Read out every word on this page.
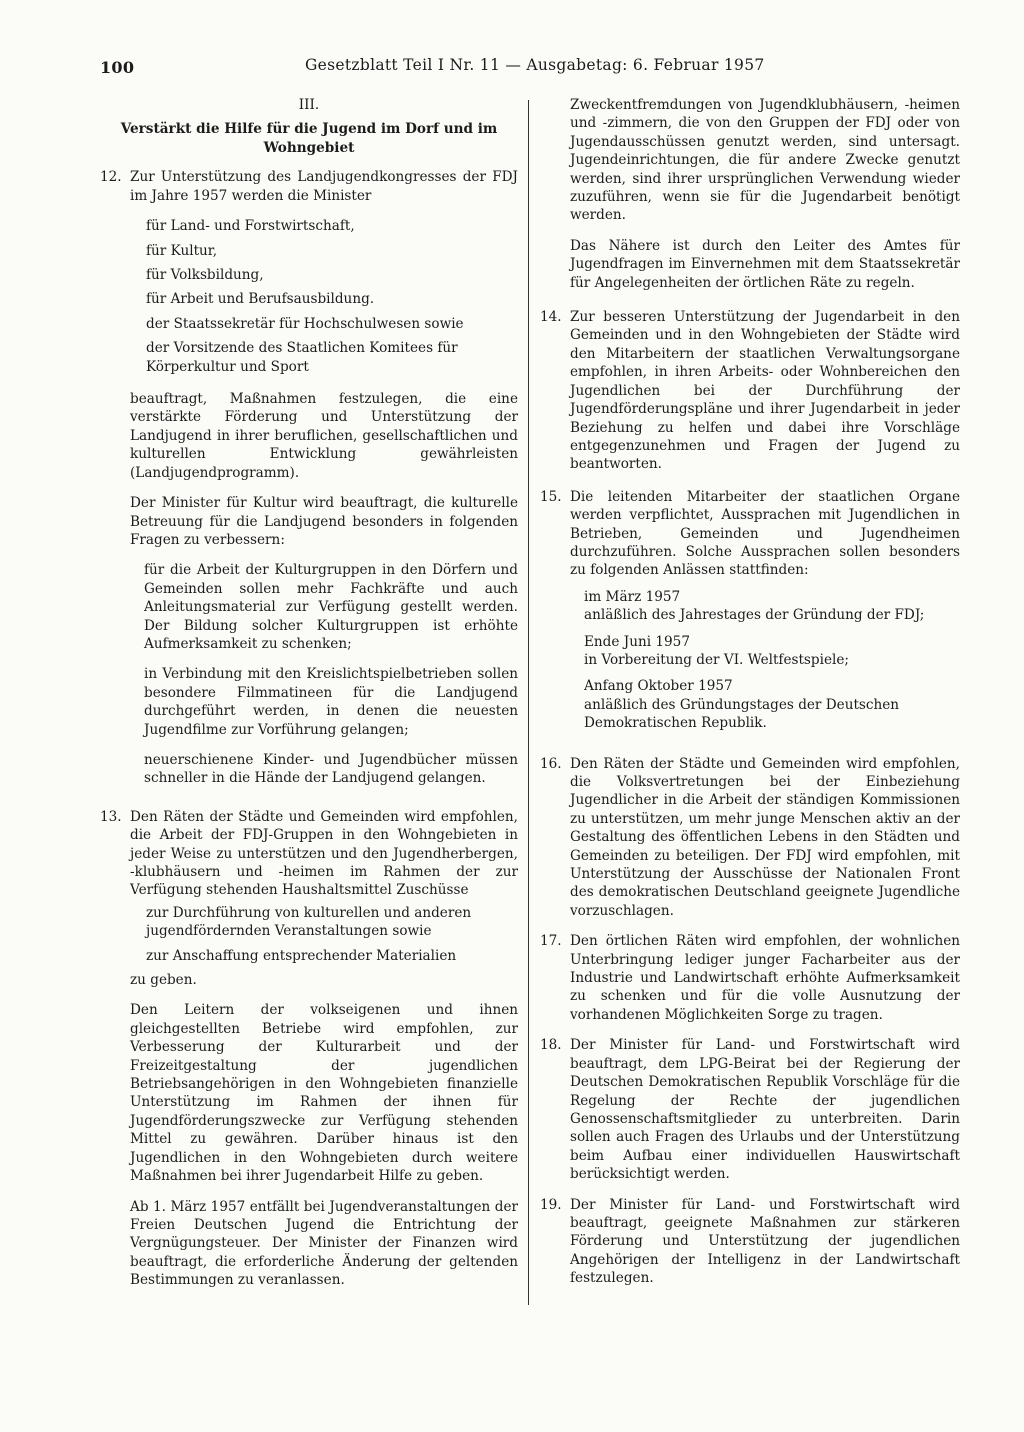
100	Gesetzblatt Teil I Nr. 11 — Ausgabetag: 6. Februar 1957
III.
Verstärkt die Hilfe für die Jugend im Dorf und im Wohngebiet
12. Zur Unterstützung des Landjugendkongresses der FDJ im Jahre 1957 werden die Minister

für Land- und Forstwirtschaft,
für Kultur,
für Volksbildung,
für Arbeit und Berufsausbildung.
der Staatssekretär für Hochschulwesen sowie
der Vorsitzende des Staatlichen Komitees für Körperkultur und Sport

beauftragt, Maßnahmen festzulegen, die eine verstärkte Förderung und Unterstützung der Landjugend in ihrer beruflichen, gesellschaftlichen und kulturellen Entwicklung gewährleisten (Landjugendprogramm).

Der Minister für Kultur wird beauftragt, die kulturelle Betreuung für die Landjugend besonders in folgenden Fragen zu verbessern:

für die Arbeit der Kulturgruppen in den Dörfern und Gemeinden sollen mehr Fachkräfte und auch Anleitungsmaterial zur Verfügung gestellt werden. Der Bildung solcher Kulturgruppen ist erhöhte Aufmerksamkeit zu schenken;

in Verbindung mit den Kreislichtspielbetrieben sollen besondere Filmmatineen für die Landjugend durchgeführt werden, in denen die neuesten Jugendfilme zur Vorführung gelangen;

neuerschienene Kinder- und Jugendbücher müssen schneller in die Hände der Landjugend gelangen.

13. Den Räten der Städte und Gemeinden wird empfohlen, die Arbeit der FDJ-Gruppen in den Wohngebieten in jeder Weise zu unterstützen und den Jugendherbergen, -klubhäusern und -heimen im Rahmen der zur Verfügung stehenden Haushaltsmittel Zuschüsse

zur Durchführung von kulturellen und anderen jugendfördernden Veranstaltungen sowie
zur Anschaffung entsprechender Materialien

zu geben.

Den Leitern der volkseigenen und ihnen gleichgestellten Betriebe wird empfohlen, zur Verbesserung der Kulturarbeit und der Freizeitgestaltung der jugendlichen Betriebsangehörigen in den Wohngebieten finanzielle Unterstützung im Rahmen der ihnen für Jugendförderungszwecke zur Verfügung stehenden Mittel zu gewähren. Darüber hinaus ist den Jugendlichen in den Wohngebieten durch weitere Maßnahmen bei ihrer Jugendarbeit Hilfe zu geben.

Ab 1. März 1957 entfällt bei Jugendveranstaltungen der Freien Deutschen Jugend die Entrichtung der Vergnügungsteuer. Der Minister der Finanzen wird beauftragt, die erforderliche Änderung der geltenden Bestimmungen zu veranlassen.

Zweckentfremdungen von Jugendklubhäusern, -heimen und -zimmern, die von den Gruppen der FDJ oder von Jugendausschüssen genutzt werden, sind untersagt. Jugendeinrichtungen, die für andere Zwecke genutzt werden, sind ihrer ursprünglichen Verwendung wieder zuzuführen, wenn sie für die Jugendarbeit benötigt werden.

Das Nähere ist durch den Leiter des Amtes für Jugendfragen im Einvernehmen mit dem Staatssekretär für Angelegenheiten der örtlichen Räte zu regeln.

14. Zur besseren Unterstützung der Jugendarbeit in den Gemeinden und in den Wohngebieten der Städte wird den Mitarbeitern der staatlichen Verwaltungsorgane empfohlen, in ihren Arbeits- oder Wohnbereichen den Jugendlichen bei der Durchführung der Jugendförderungspläne und ihrer Jugendarbeit in jeder Beziehung zu helfen und dabei ihre Vorschläge entgegenzunehmen und Fragen der Jugend zu beantworten.

15. Die leitenden Mitarbeiter der staatlichen Organe werden verpflichtet, Aussprachen mit Jugendlichen in Betrieben, Gemeinden und Jugendheimen durchzuführen. Solche Aussprachen sollen besonders zu folgenden Anlässen stattfinden:

im März 1957
anläßlich des Jahrestages der Gründung der FDJ;
Ende Juni 1957
in Vorbereitung der VI. Weltfestspiele;
Anfang Oktober 1957
anläßlich des Gründungstages der Deutschen Demokratischen Republik.
16. Den Räten der Städte und Gemeinden wird empfohlen, die Volksvertretungen bei der Einbeziehung Jugendlicher in die Arbeit der ständigen Kommissionen zu unterstützen, um mehr junge Menschen aktiv an der Gestaltung des öffentlichen Lebens in den Städten und Gemeinden zu beteiligen. Der FDJ wird empfohlen, mit Unterstützung der Ausschüsse der Nationalen Front des demokratischen Deutschland geeignete Jugendliche vorzuschlagen.

17. Den örtlichen Räten wird empfohlen, der wohnlichen Unterbringung lediger junger Facharbeiter aus der Industrie und Landwirtschaft erhöhte Aufmerksamkeit zu schenken und für die volle Ausnutzung der vorhandenen Möglichkeiten Sorge zu tragen.

18. Der Minister für Land- und Forstwirtschaft wird beauftragt, dem LPG-Beirat bei der Regierung der Deutschen Demokratischen Republik Vorschläge für die Regelung der Rechte der jugendlichen Genossenschaftsmitglieder zu unterbreiten. Darin sollen auch Fragen des Urlaubs und der Unterstützung beim Aufbau einer individuellen Hauswirtschaft berücksichtigt werden.

19. Der Minister für Land- und Forstwirtschaft wird beauftragt, geeignete Maßnahmen zur stärkeren Förderung und Unterstützung der jugendlichen Angehörigen der Intelligenz in der Landwirtschaft festzulegen.
